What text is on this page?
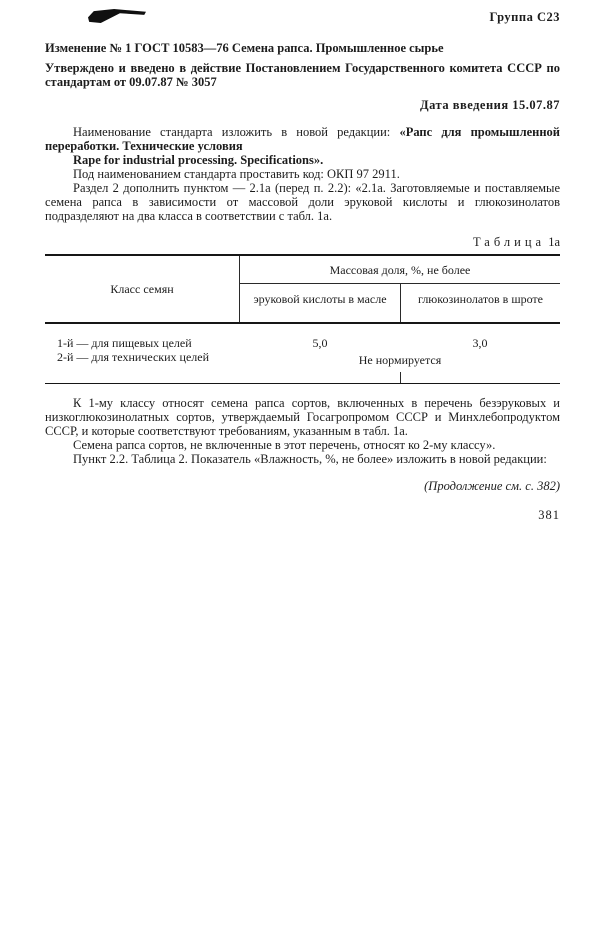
Группа С23
Изменение № 1 ГОСТ 10583—76 Семена рапса. Промышленное сырье
Утверждено и введено в действие Постановлением Государственного комитета СССР по стандартам от 09.07.87 № 3057
Дата введения 15.07.87

Наименование стандарта изложить в новой редакции: «Рапс для промышленной переработки. Технические условия

Rape for industrial processing. Specifications».

Под наименованием стандарта проставить код: ОКП 97 2911.

Раздел 2 дополнить пунктом — 2.1а (перед п. 2.2): «2.1а. Заготовляемые и поставляемые семена рапса в зависимости от массовой доли эруковой кислоты и глюкозинолатов подразделяют на два класса в соответствии с табл. 1а.

Таблица 1а
Класс семян
Массовая доля, %, не более
эруковой кислоты в масле	глюкозинолатов в шроте
1-й — для пищевых целей
2-й — для технических целей
5,0	3,0
Не нормируется

К 1-му классу относят семена рапса сортов, включенных в перечень безэруковых и низкоглюкозинолатных сортов, утверждаемый Госагропромом СССР и Минхлебопродуктом СССР, и которые соответствуют требованиям, указанным в табл. 1а.

Семена рапса сортов, не включенные в этот перечень, относят ко 2-му классу».

Пункт 2.2. Таблица 2. Показатель «Влажность, %, не более» изложить в новой редакции:

(Продолжение см. с. 382)
381
